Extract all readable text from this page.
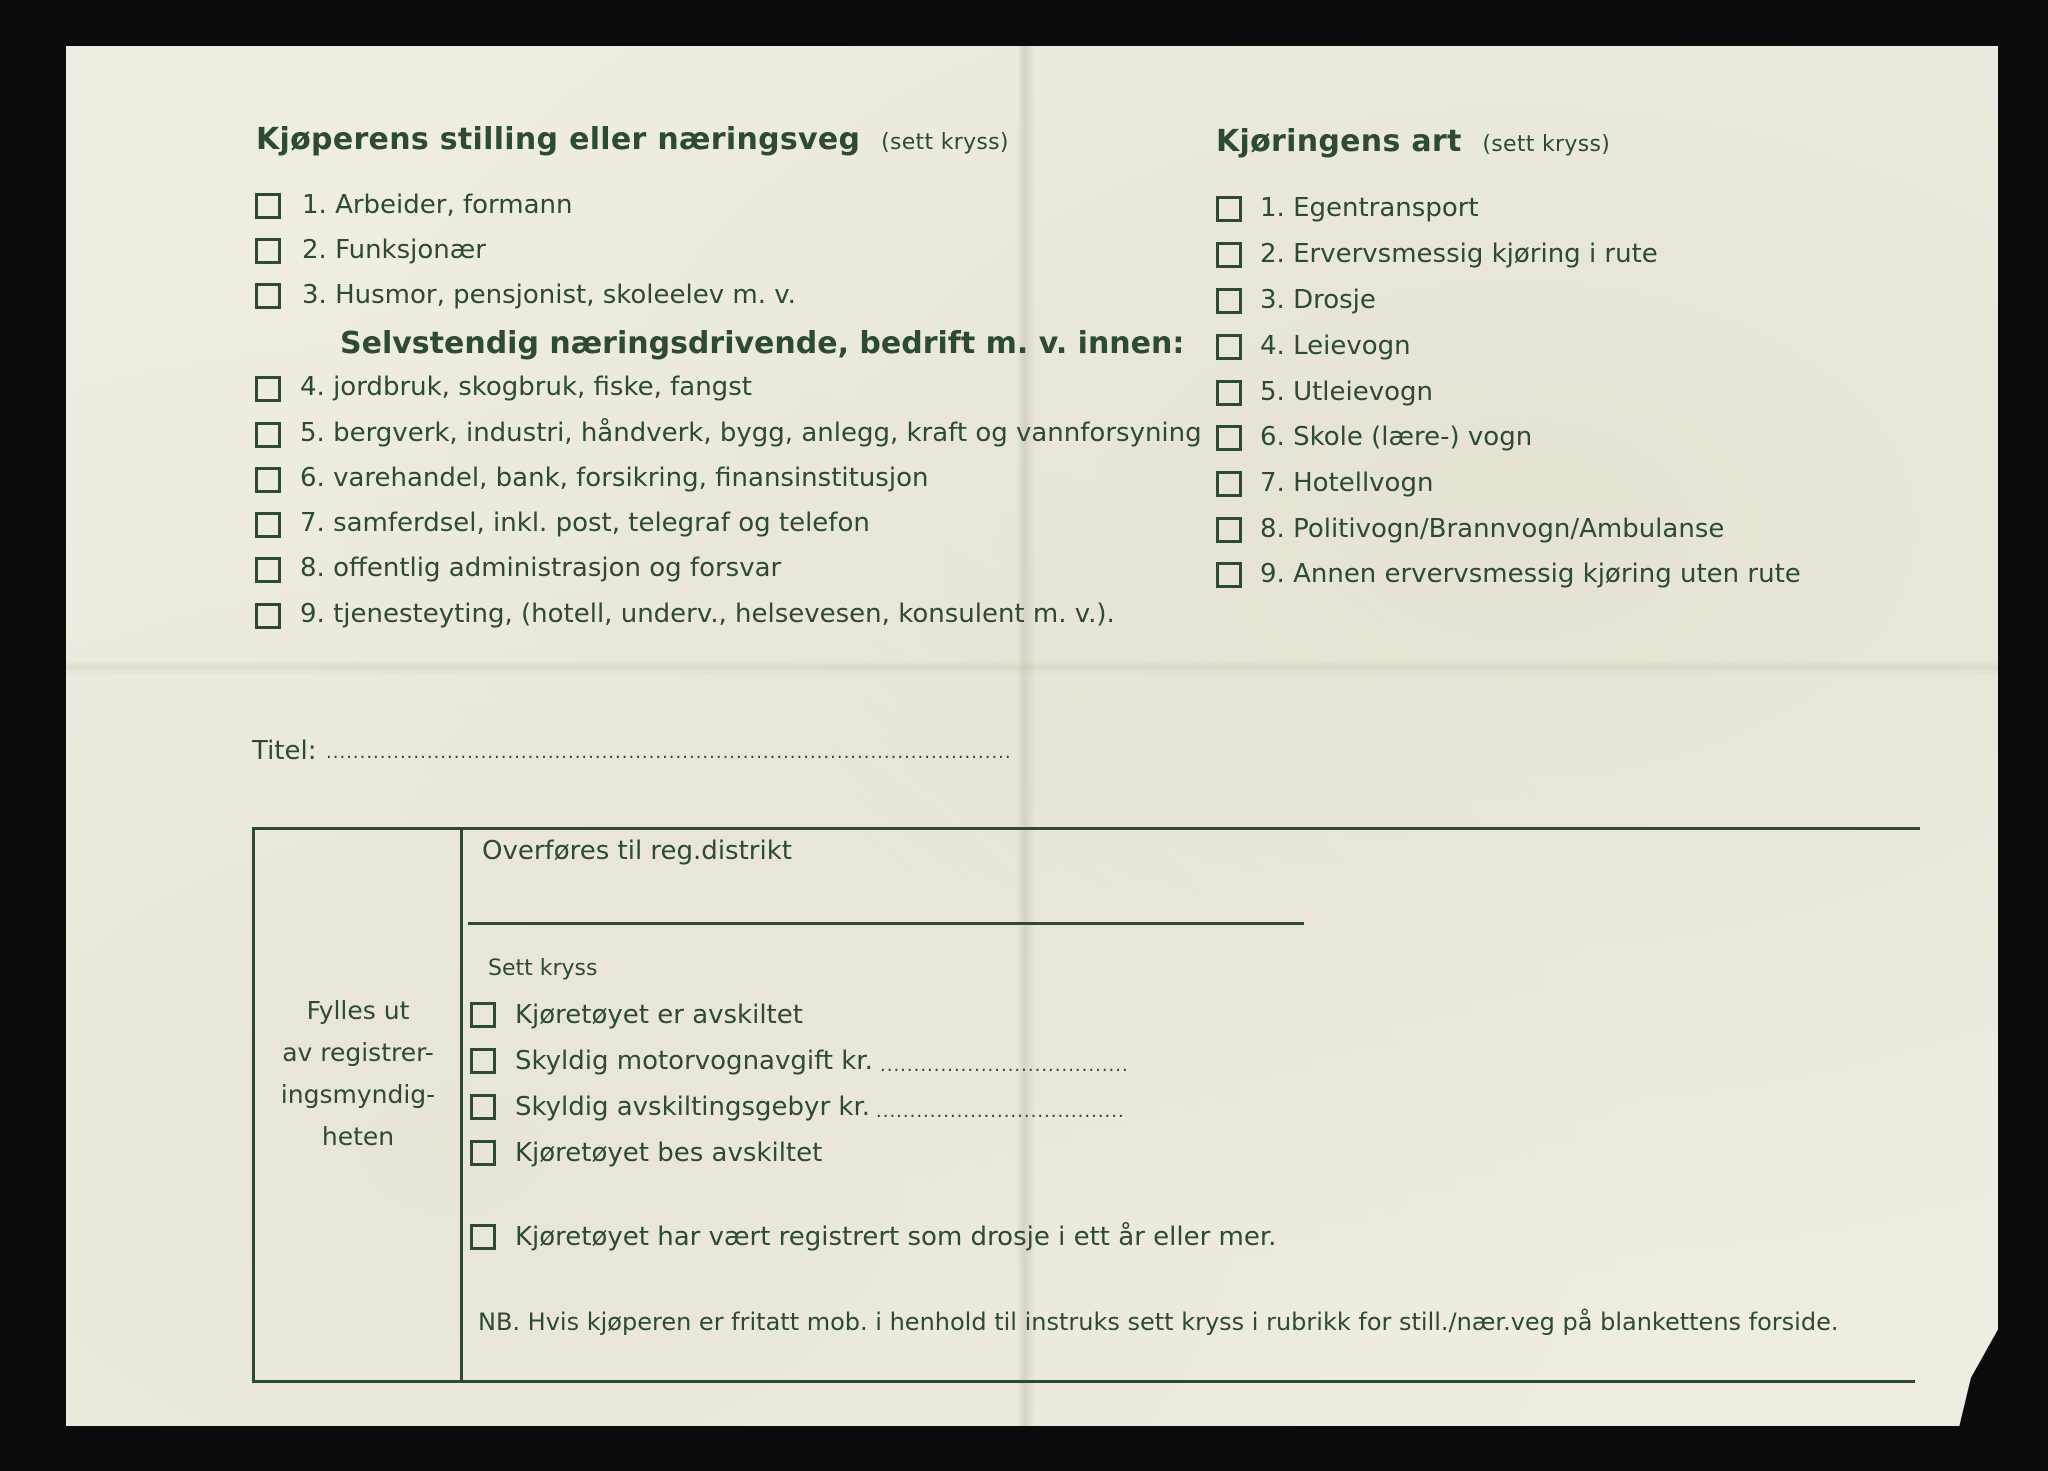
Kjøperens stilling eller næringsveg (sett kryss)
1. Arbeider, formann
2. Funksjonær
3. Husmor, pensjonist, skoleelev m. v.
Selvstendig næringsdrivende, bedrift m. v. innen:
4. jordbruk, skogbruk, fiske, fangst
5. bergverk, industri, håndverk, bygg, anlegg, kraft og vannforsyning
6. varehandel, bank, forsikring, finansinstitusjon
7. samferdsel, inkl. post, telegraf og telefon
8. offentlig administrasjon og forsvar
9. tjenesteyting, (hotell, underv., helsevesen, konsulent m. v.).
Kjøringens art (sett kryss)
1. Egentransport
2. Ervervsmessig kjøring i rute
3. Drosje
4. Leievogn
5. Utleievogn
6. Skole (lære-) vogn
7. Hotellvogn
8. Politivogn/Brannvogn/Ambulanse
9. Annen ervervsmessig kjøring uten rute
Titel: ......................................................................................................
Fylles ut
av registrer-
ingsmyndig-
heten
Overføres til reg.distrikt
Sett kryss
Kjøretøyet er avskiltet
Skyldig motorvognavgift kr. .....................................
Skyldig avskiltingsgebyr kr. .....................................
Kjøretøyet bes avskiltet
Kjøretøyet har vært registrert som drosje i ett år eller mer.
NB. Hvis kjøperen er fritatt mob. i henhold til instruks sett kryss i rubrikk for still./nær.veg på blankettens forside.
